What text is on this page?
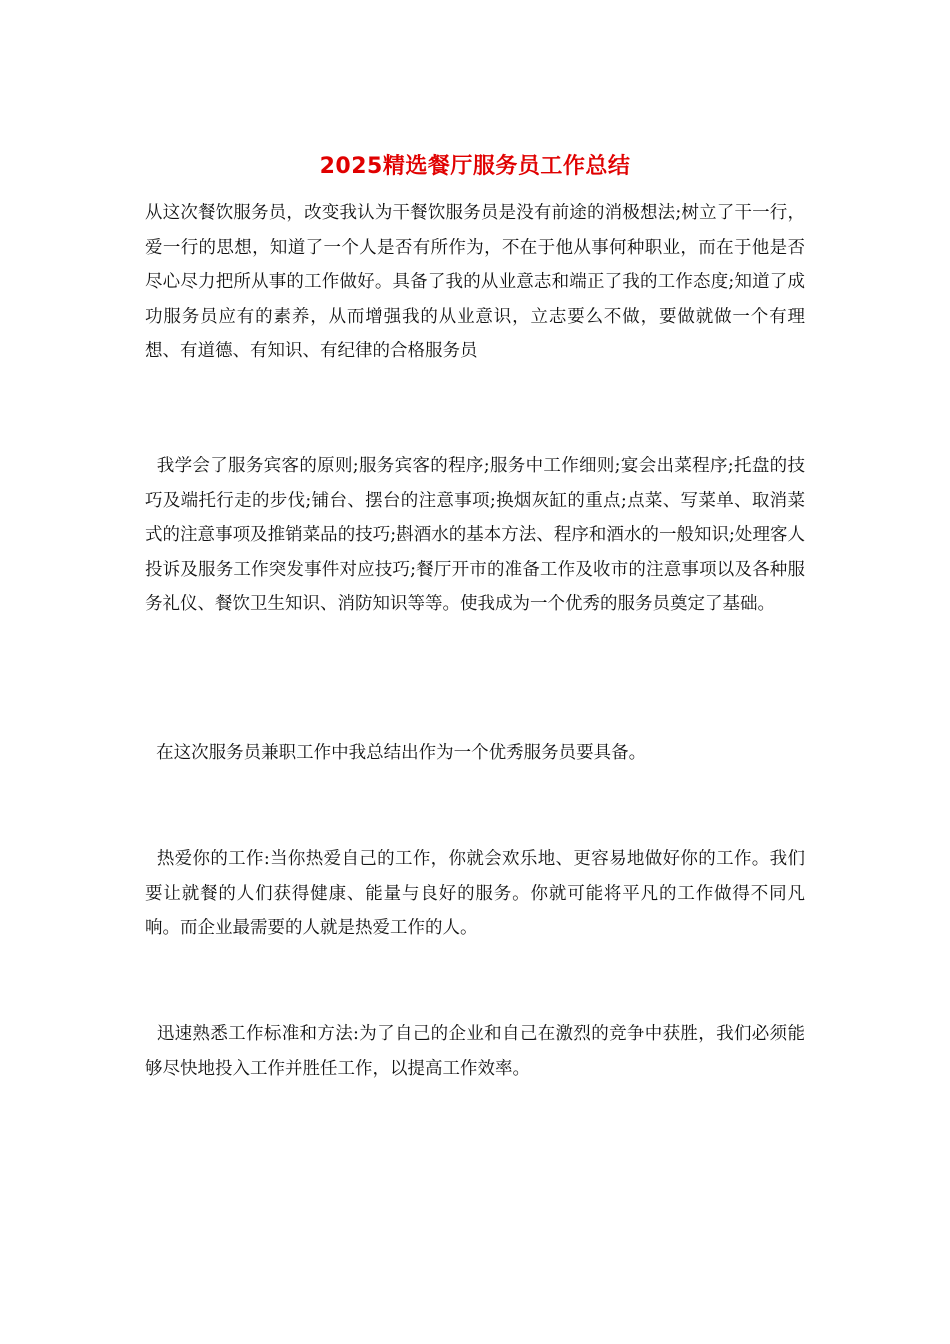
2025精选餐厅服务员工作总结

从这次餐饮服务员，改变我认为干餐饮服务员是没有前途的消极想法;树立了干一行，爱一行的思想，知道了一个人是否有所作为，不在于他从事何种职业，而在于他是否尽心尽力把所从事的工作做好。具备了我的从业意志和端正了我的工作态度;知道了成功服务员应有的素养，从而增强我的从业意识，立志要么不做，要做就做一个有理想、有道德、有知识、有纪律的合格服务员

我学会了服务宾客的原则;服务宾客的程序;服务中工作细则;宴会出菜程序;托盘的技巧及端托行走的步伐;铺台、摆台的注意事项;换烟灰缸的重点;点菜、写菜单、取消菜式的注意事项及推销菜品的技巧;斟酒水的基本方法、程序和酒水的一般知识;处理客人投诉及服务工作突发事件对应技巧;餐厅开市的准备工作及收市的注意事项以及各种服务礼仪、餐饮卫生知识、消防知识等等。使我成为一个优秀的服务员奠定了基础。

在这次服务员兼职工作中我总结出作为一个优秀服务员要具备。

热爱你的工作:当你热爱自己的工作，你就会欢乐地、更容易地做好你的工作。我们要让就餐的人们获得健康、能量与良好的服务。你就可能将平凡的工作做得不同凡响。而企业最需要的人就是热爱工作的人。

迅速熟悉工作标准和方法:为了自己的企业和自己在激烈的竞争中获胜，我们必须能够尽快地投入工作并胜任工作，以提高工作效率。
